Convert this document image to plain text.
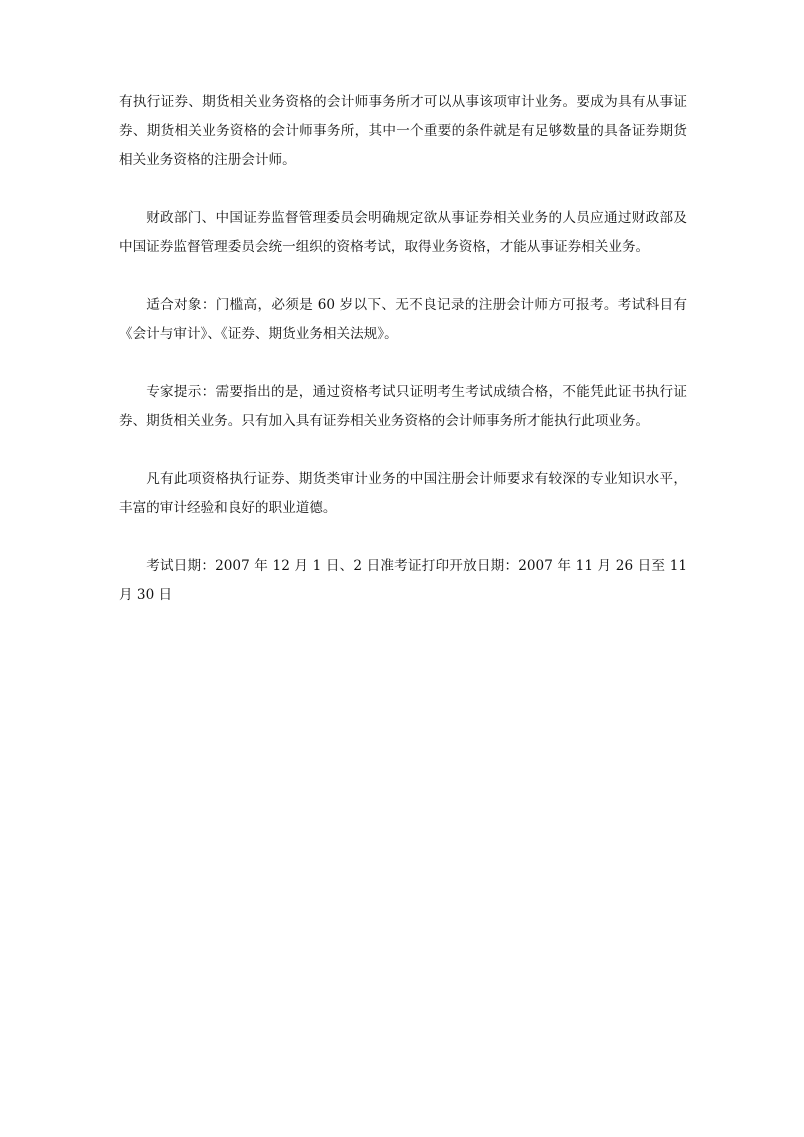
有执行证券、期货相关业务资格的会计师事务所才可以从事该项审计业务。要成为具有从事证券、期货相关业务资格的会计师事务所，其中一个重要的条件就是有足够数量的具备证券期货相关业务资格的注册会计师。

财政部门、中国证券监督管理委员会明确规定欲从事证券相关业务的人员应通过财政部及中国证券监督管理委员会统一组织的资格考试，取得业务资格，才能从事证券相关业务。

适合对象：门槛高，必须是 60 岁以下、无不良记录的注册会计师方可报考。考试科目有《会计与审计》、《证券、期货业务相关法规》。

专家提示：需要指出的是，通过资格考试只证明考生考试成绩合格，不能凭此证书执行证券、期货相关业务。只有加入具有证券相关业务资格的会计师事务所才能执行此项业务。

凡有此项资格执行证券、期货类审计业务的中国注册会计师要求有较深的专业知识水平，丰富的审计经验和良好的职业道德。

考试日期：2007 年 12 月 1 日、2 日准考证打印开放日期：2007 年 11 月 26 日至 11 月 30 日
